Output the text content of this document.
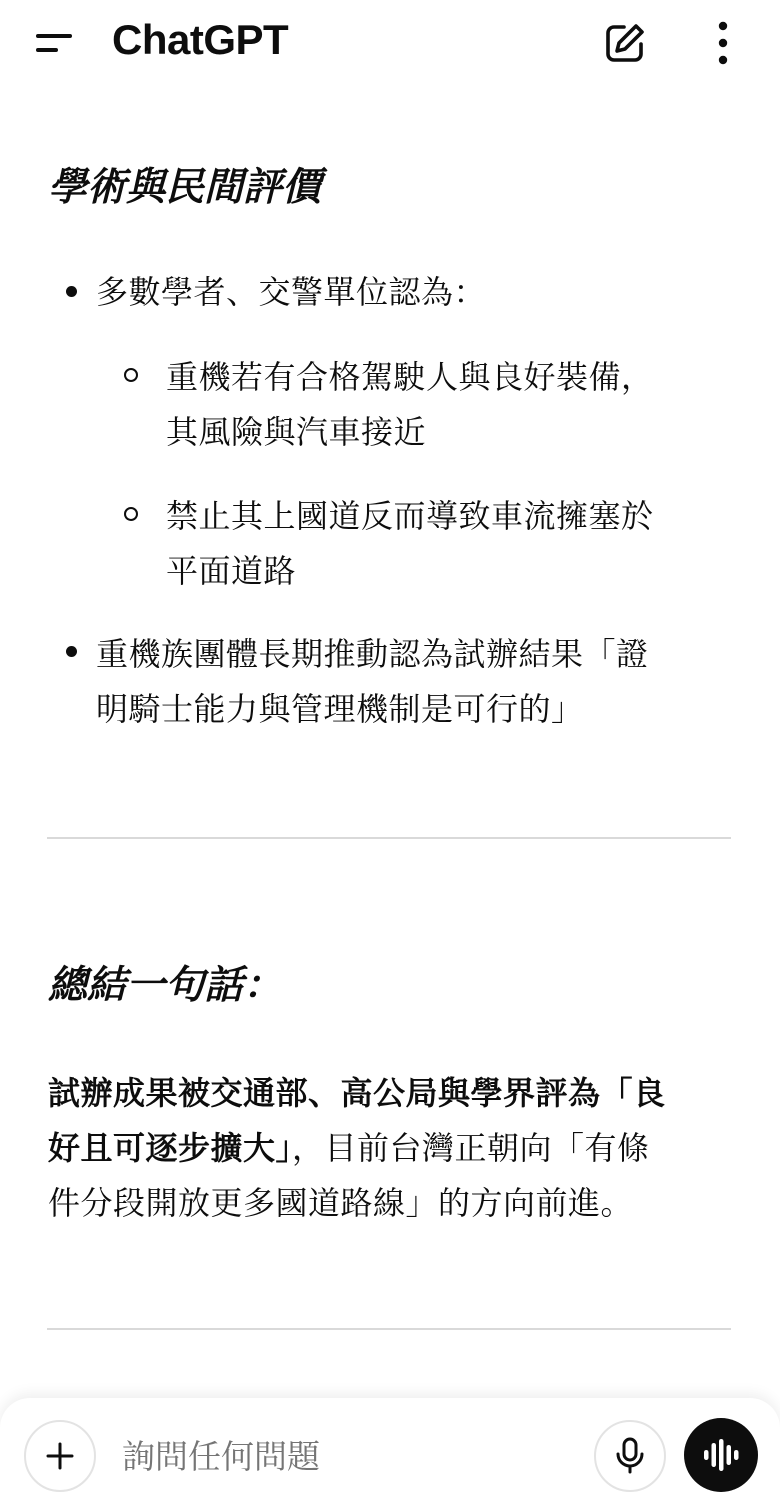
ChatGPT
學術與民間評價
多數學者、交警單位認為：
重機若有合格駕駛人與良好裝備，
其風險與汽車接近
禁止其上國道反而導致車流擁塞於
平面道路
重機族團體長期推動認為試辦結果「證
明騎士能力與管理機制是可行的」
總結一句話：
試辦成果被交通部、高公局與學界評為「良
好且可逐步擴大」，目前台灣正朝向「有條
件分段開放更多國道路線」的方向前進。
詢問任何問題
